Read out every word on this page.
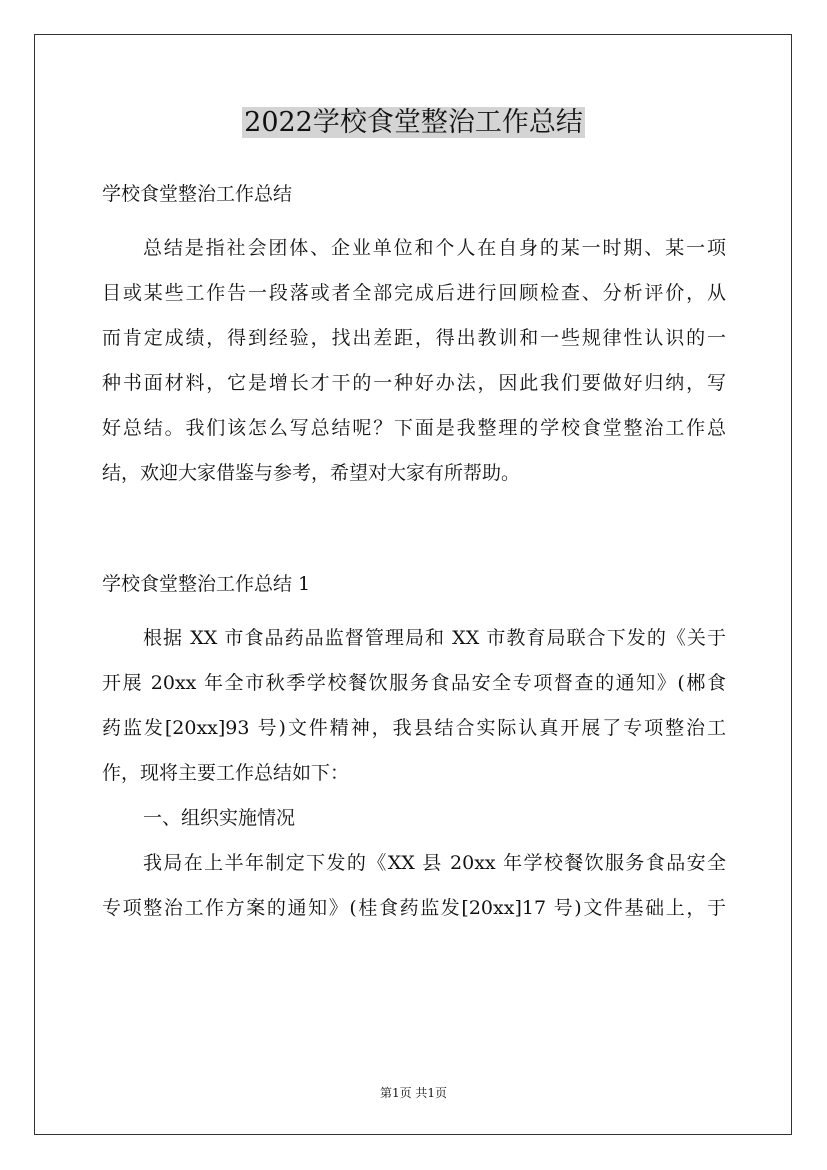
2022学校食堂整治工作总结
学校食堂整治工作总结
总结是指社会团体、企业单位和个人在自身的某一时期、某一项
目或某些工作告一段落或者全部完成后进行回顾检查、分析评价，从
而肯定成绩，得到经验，找出差距，得出教训和一些规律性认识的一
种书面材料，它是增长才干的一种好办法，因此我们要做好归纳，写
好总结。我们该怎么写总结呢？下面是我整理的学校食堂整治工作总
结，欢迎大家借鉴与参考，希望对大家有所帮助。
学校食堂整治工作总结 1
根据 XX 市食品药品监督管理局和 XX 市教育局联合下发的《关于
开展 20xx 年全市秋季学校餐饮服务食品安全专项督查的通知》(郴食
药监发[20xx]93 号)文件精神，我县结合实际认真开展了专项整治工
作，现将主要工作总结如下：
一、组织实施情况
我局在上半年制定下发的《XX 县 20xx 年学校餐饮服务食品安全
专项整治工作方案的通知》(桂食药监发[20xx]17 号)文件基础上，于
第1页 共1页
